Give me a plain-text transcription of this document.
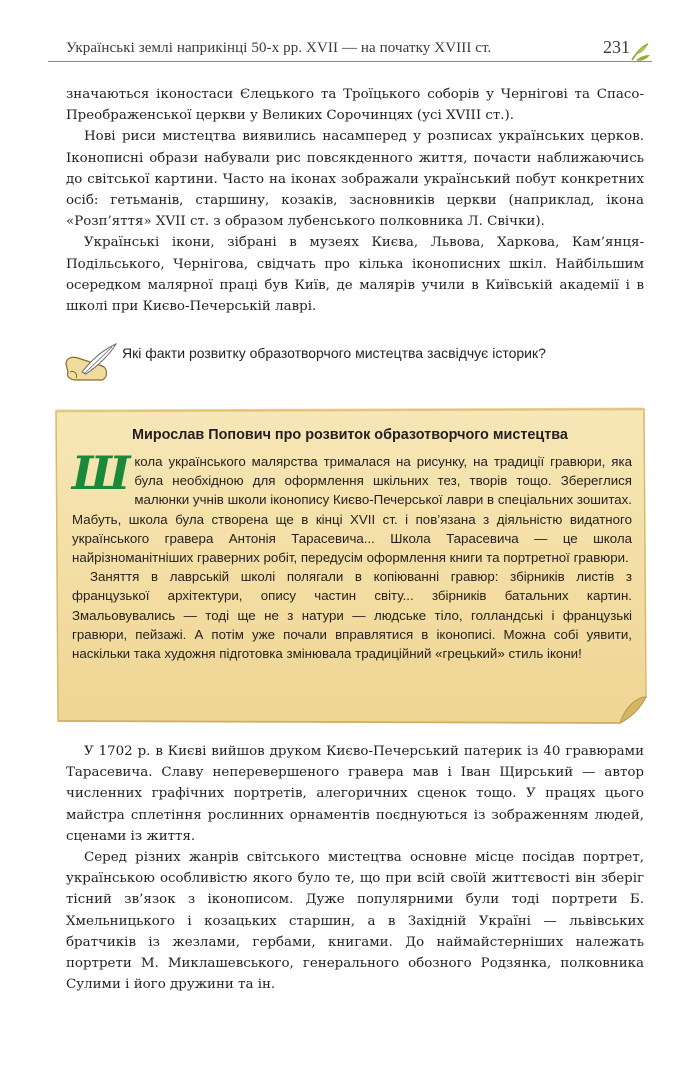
Українські землі наприкінці 50-х рр. XVII — на початку XVIII ст.	231

значаються іконостаси Єлецького та Троїцького соборів у Чернігові та Спасо-Преображенської церкви у Великих Сорочинцях (усі XVIII ст.).

Нові риси мистецтва виявились насамперед у розписах українських церков. Іконописні образи набували рис повсякденного життя, почасти наближаючись до світської картини. Часто на іконах зображали український побут конкретних осіб: гетьманів, старшину, козаків, засновників церкви (наприклад, ікона «Розп’яття» XVII ст. з образом лубенського полковника Л. Свічки).

Українські ікони, зібрані в музеях Києва, Львова, Харкова, Кам’янця-Подільського, Чернігова, свідчать про кілька іконописних шкіл. Найбільшим осередком малярної праці був Київ, де малярів учили в Київській академії і в школі при Києво-Печерській лаврі.

Які факти розвитку образотворчого мистецтва засвідчує історик?
Мирослав Попович про розвиток образотворчого мистецтва

Школа українського малярства трималася на рисунку, на традиції гравюри, яка була необхідною для оформлення шкільних тез, творів тощо. Збереглися малюнки учнів школи іконопису Києво-Печерської лаври в спеціальних зошитах. Мабуть, школа була створена ще в кінці XVII ст. і пов’язана з діяльністю видатного українського гравера Антонія Тарасевича... Школа Тарасевича — це школа найрізноманітніших граверних робіт, передусім оформлення книги та портретної гравюри.

Заняття в лаврській школі полягали в копіюванні гравюр: збірників листів з французької архітектури, опису частин світу... збірників батальних картин. Змальовувались — тоді ще не з натури — людське тіло, голландські і французькі гравюри, пейзажі. А потім уже почали вправлятися в іконописі. Можна собі уявити, наскільки така художня підготовка змінювала традиційний «грецький» стиль ікони!

У 1702 р. в Києві вийшов друком Києво-Печерський патерик із 40 гравюрами Тарасевича. Славу неперевершеного гравера мав і Іван Щирський — автор численних графічних портретів, алегоричних сценок тощо. У працях цього майстра сплетіння рослинних орнаментів поєднуються із зображенням людей, сценами із життя.

Серед різних жанрів світського мистецтва основне місце посідав портрет, українською особливістю якого було те, що при всій своїй життєвості він зберіг тісний зв’язок з іконописом. Дуже популярними були тоді портрети Б. Хмельницького і козацьких старшин, а в Західній Україні — львівських братчиків із жезлами, гербами, книгами. До наймайстерніших належать портрети М. Миклашевського, генерального обозного Родзянка, полковника Сулими і його дружини та ін.
